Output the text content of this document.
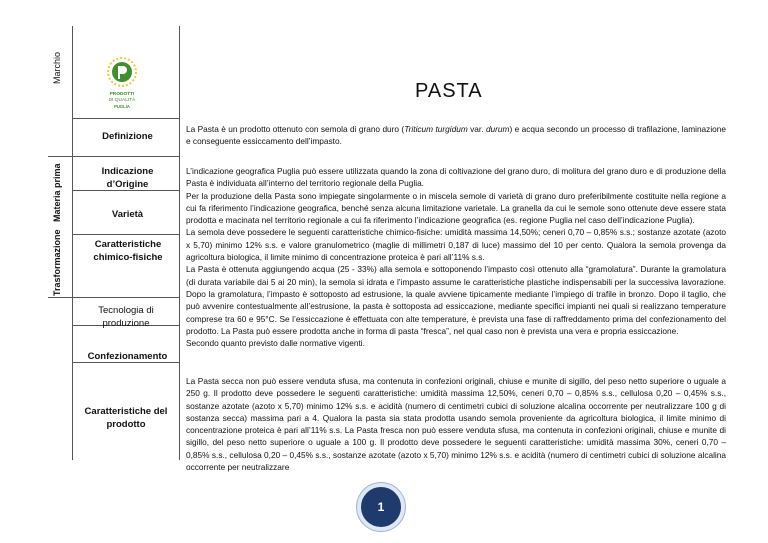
Marchio
Materia prima
Trasformazione
PRODOTTI
DI QUALITÀ
PUGLIA
PASTA
Definizione
Indicazione d’Origine
Varietà
Caratteristiche chimico-fisiche
Tecnologia di produzione
Confezionamento
Caratteristiche del prodotto
La Pasta è un prodotto ottenuto con semola di grano duro (Triticum turgidum var. durum) e acqua secondo un processo di trafilazione, laminazione e conseguente essiccamento dell’impasto.
L’indicazione geografica Puglia può essere utilizzata quando la zona di coltivazione del grano duro, di molitura del grano duro e di produzione della Pasta è individuata all’interno del territorio regionale della Puglia.
Per la produzione della Pasta sono impiegate singolarmente o in miscela semole di varietà di grano duro preferibilmente costituite nella regione a cui fa riferimento l’indicazione geografica, benché senza alcuna limitazione varietale. La granella da cui le semole sono ottenute deve essere stata prodotta e macinata nel territorio regionale a cui fa riferimento l’indicazione geografica (es. regione Puglia nel caso dell’indicazione Puglia).
La semola deve possedere le seguenti caratteristiche chimico-fisiche: umidità massima 14,50%; ceneri 0,70 – 0,85% s.s.; sostanze azotate (azoto x 5,70) minimo 12% s.s. e valore granulometrico (maglie di millimetri 0,187 di luce) massimo del 10 per cento. Qualora la semola provenga da agricoltura biologica, il limite minimo di concentrazione proteica è pari all’11% s.s.
La Pasta è ottenuta aggiungendo acqua (25 - 33%) alla semola e sottoponendo l’impasto così ottenuto alla “gramolatura”. Durante la gramolatura (di durata variabile dai 5 ai 20 min), la semola si idrata e l’impasto assume le caratteristiche plastiche indispensabili per la successiva lavorazione. Dopo la gramolatura, l’impasto è sottoposto ad estrusione, la quale avviene tipicamente mediante l’impiego di trafile in bronzo. Dopo il taglio, che può avvenire contestualmente all’estrusione, la pasta è sottoposta ad essiccazione, mediante specifici impianti nei quali si realizzano temperature comprese tra 60 e 95°C. Se l’essiccazione è effettuata con alte temperature, è prevista una fase di raffreddamento prima del confezionamento del prodotto. La Pasta può essere prodotta anche in forma di pasta “fresca”, nel qual caso non è prevista una vera e propria essiccazione.
Secondo quanto previsto dalle normative vigenti.
La Pasta secca non può essere venduta sfusa, ma contenuta in confezioni originali, chiuse e munite di sigillo, del peso netto superiore o uguale a 250 g. Il prodotto deve possedere le seguenti caratteristiche: umidità massima 12,50%, ceneri 0,70 – 0,85% s.s., cellulosa 0,20 – 0,45% s.s., sostanze azotate (azoto x 5,70) minimo 12% s.s. e acidità (numero di centimetri cubici di soluzione alcalina occorrente per neutralizzare 100 g di sostanza secca) massima pari a 4. Qualora la pasta sia stata prodotta usando semola proveniente da agricoltura biologica, il limite minimo di concentrazione proteica è pari all’11% s.s. La Pasta fresca non può essere venduta sfusa, ma contenuta in confezioni originali, chiuse e munite di sigillo, del peso netto superiore o uguale a 100 g. Il prodotto deve possedere le seguenti caratteristiche: umidità massima 30%, ceneri 0,70 – 0,85% s.s., cellulosa 0,20 – 0,45% s.s., sostanze azotate (azoto x 5,70) minimo 12% s.s. e acidità (numero di centimetri cubici di soluzione alcalina occorrente per neutralizzare
1
